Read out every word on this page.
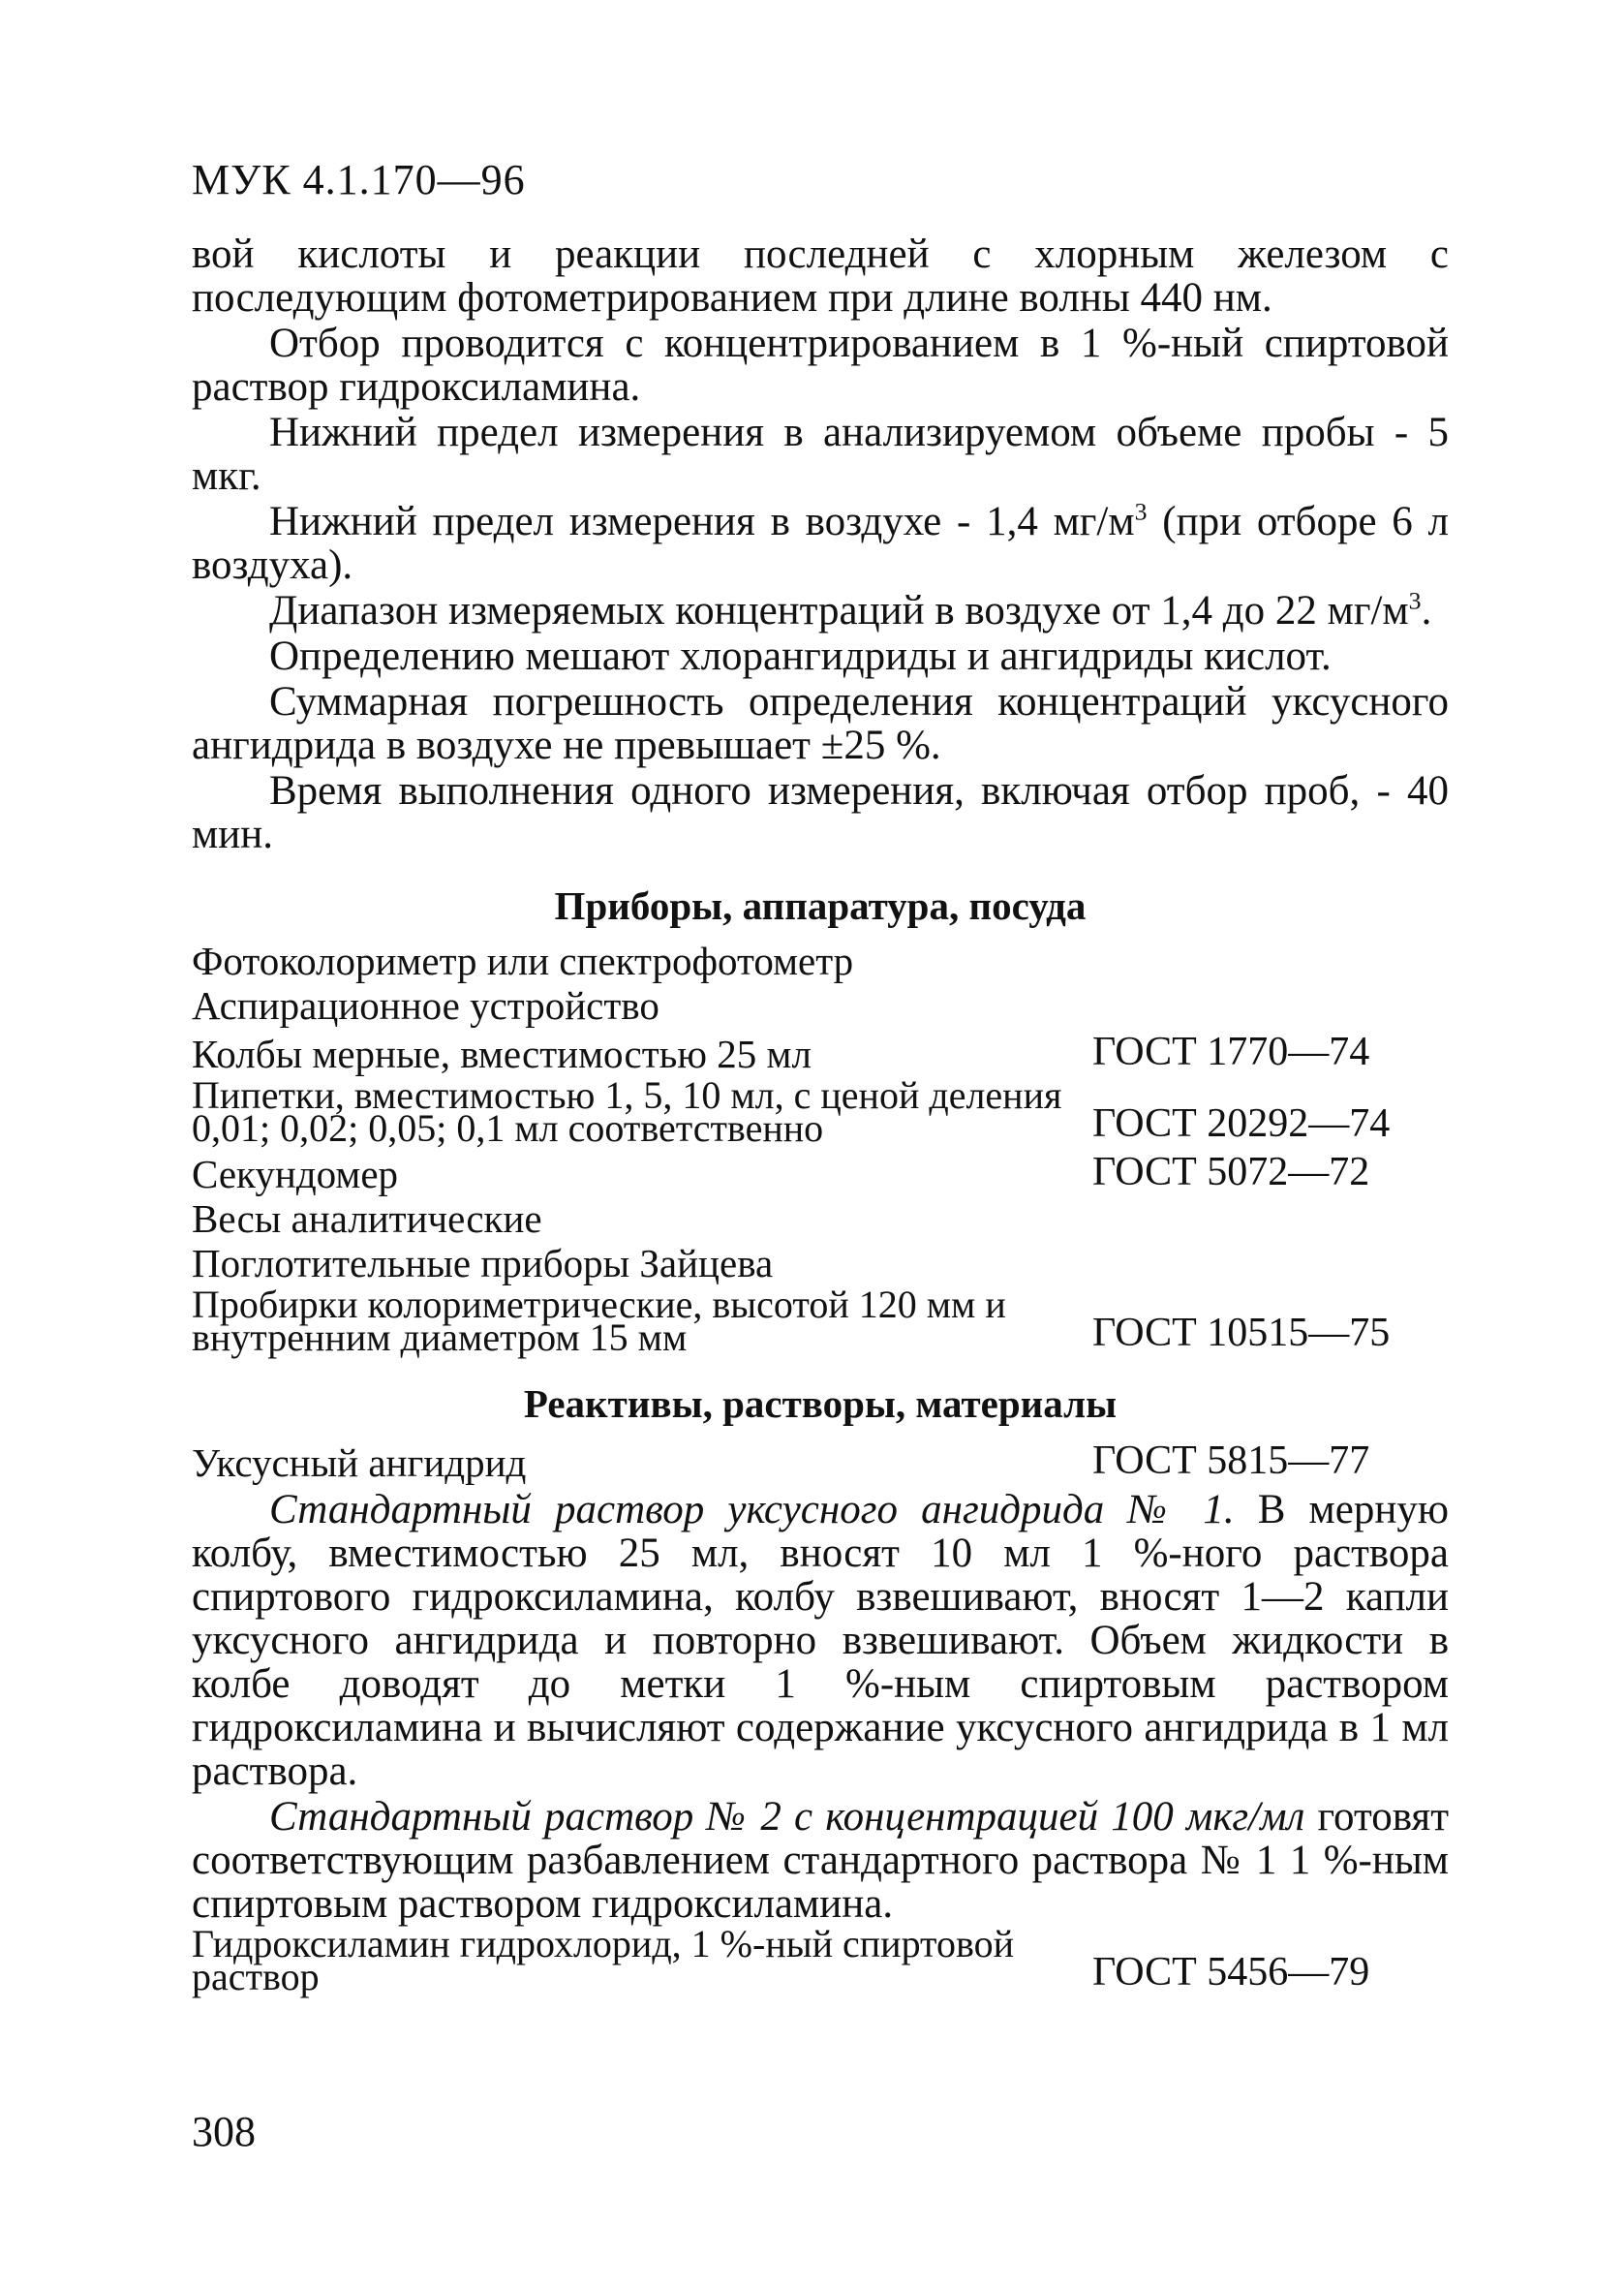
МУК 4.1.170—96

вой кислоты и реакции последней с хлорным железом с последующим фотометрированием при длине волны 440 нм.

Отбор проводится с концентрированием в 1 %-ный спиртовой раствор гидроксиламина.

Нижний предел измерения в анализируемом объеме пробы - 5 мкг.

Нижний предел измерения в воздухе - 1,4 $мг/м^3$ (при отборе 6 л воздуха).

Диапазон измеряемых концентраций в воздухе от 1,4 до 22 $мг/м^3$.

Определению мешают хлорангидриды и ангидриды кислот.

Суммарная погрешность определения концентраций уксусного ангидрида в воздухе не превышает ±25 %.

Время выполнения одного измерения, включая отбор проб, - 40 мин.

Приборы, аппаратура, посуда
Фотоколориметр или спектрофотометр
Аспирационное устройство
Колбы мерные, вместимостью 25 мл	ГОСТ 1770—74
Пипетки, вместимостью 1, 5, 10 мл, с ценой деления 0,01; 0,02; 0,05; 0,1 мл соответственно	ГОСТ 20292—74
Секундомер	ГОСТ 5072—72
Весы аналитические
Поглотительные приборы Зайцева
Пробирки колориметрические, высотой 120 мм и внутренним диаметром 15 мм	ГОСТ 10515—75
Реактивы, растворы, материалы
Уксусный ангидрид	ГОСТ 5815—77

Стандартный раствор уксусного ангидрида № 1. В мерную колбу, вместимостью 25 мл, вносят 10 мл 1 %-ного раствора спиртового гидроксиламина, колбу взвешивают, вносят 1—2 капли уксусного ангидрида и повторно взвешивают. Объем жидкости в колбе доводят до метки 1 %-ным спиртовым раствором гидроксиламина и вычисляют содержание уксусного ангидрида в 1 мл раствора.

Стандартный раствор № 2 с концентрацией 100 мкг/мл готовят соответствующим разбавлением стандартного раствора № 1 1 %-ным спиртовым раствором гидроксиламина.

Гидроксиламин гидрохлорид, 1 %-ный спиртовой раствор	ГОСТ 5456—79
308
